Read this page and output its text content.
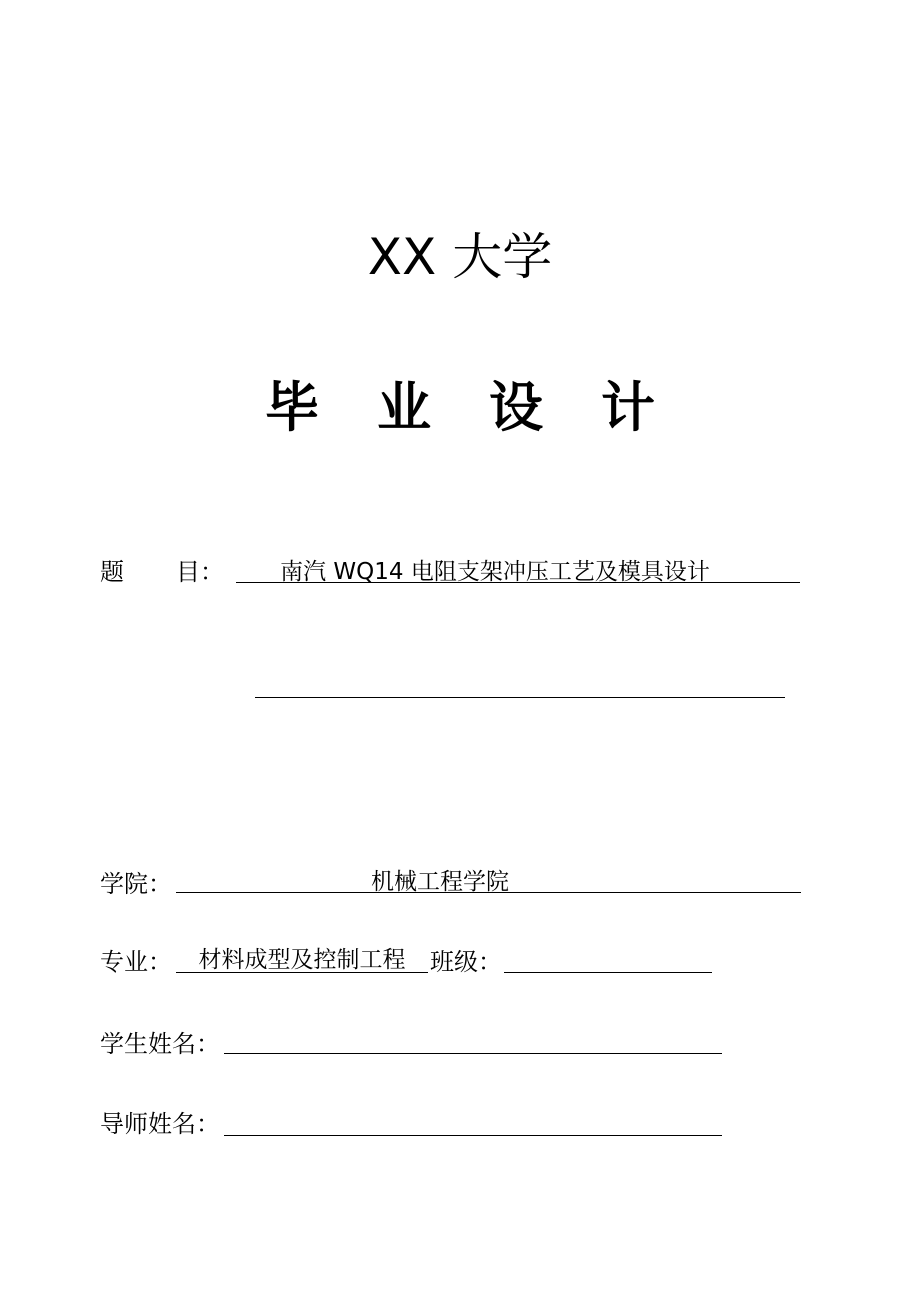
XX 大学
毕 业 设 计
题 目：	南汽 WQ14 电阻支架冲压工艺及模具设计
学院：	机械工程学院
专业：	材料成型及控制工程	班级：
学生姓名：
导师姓名：
